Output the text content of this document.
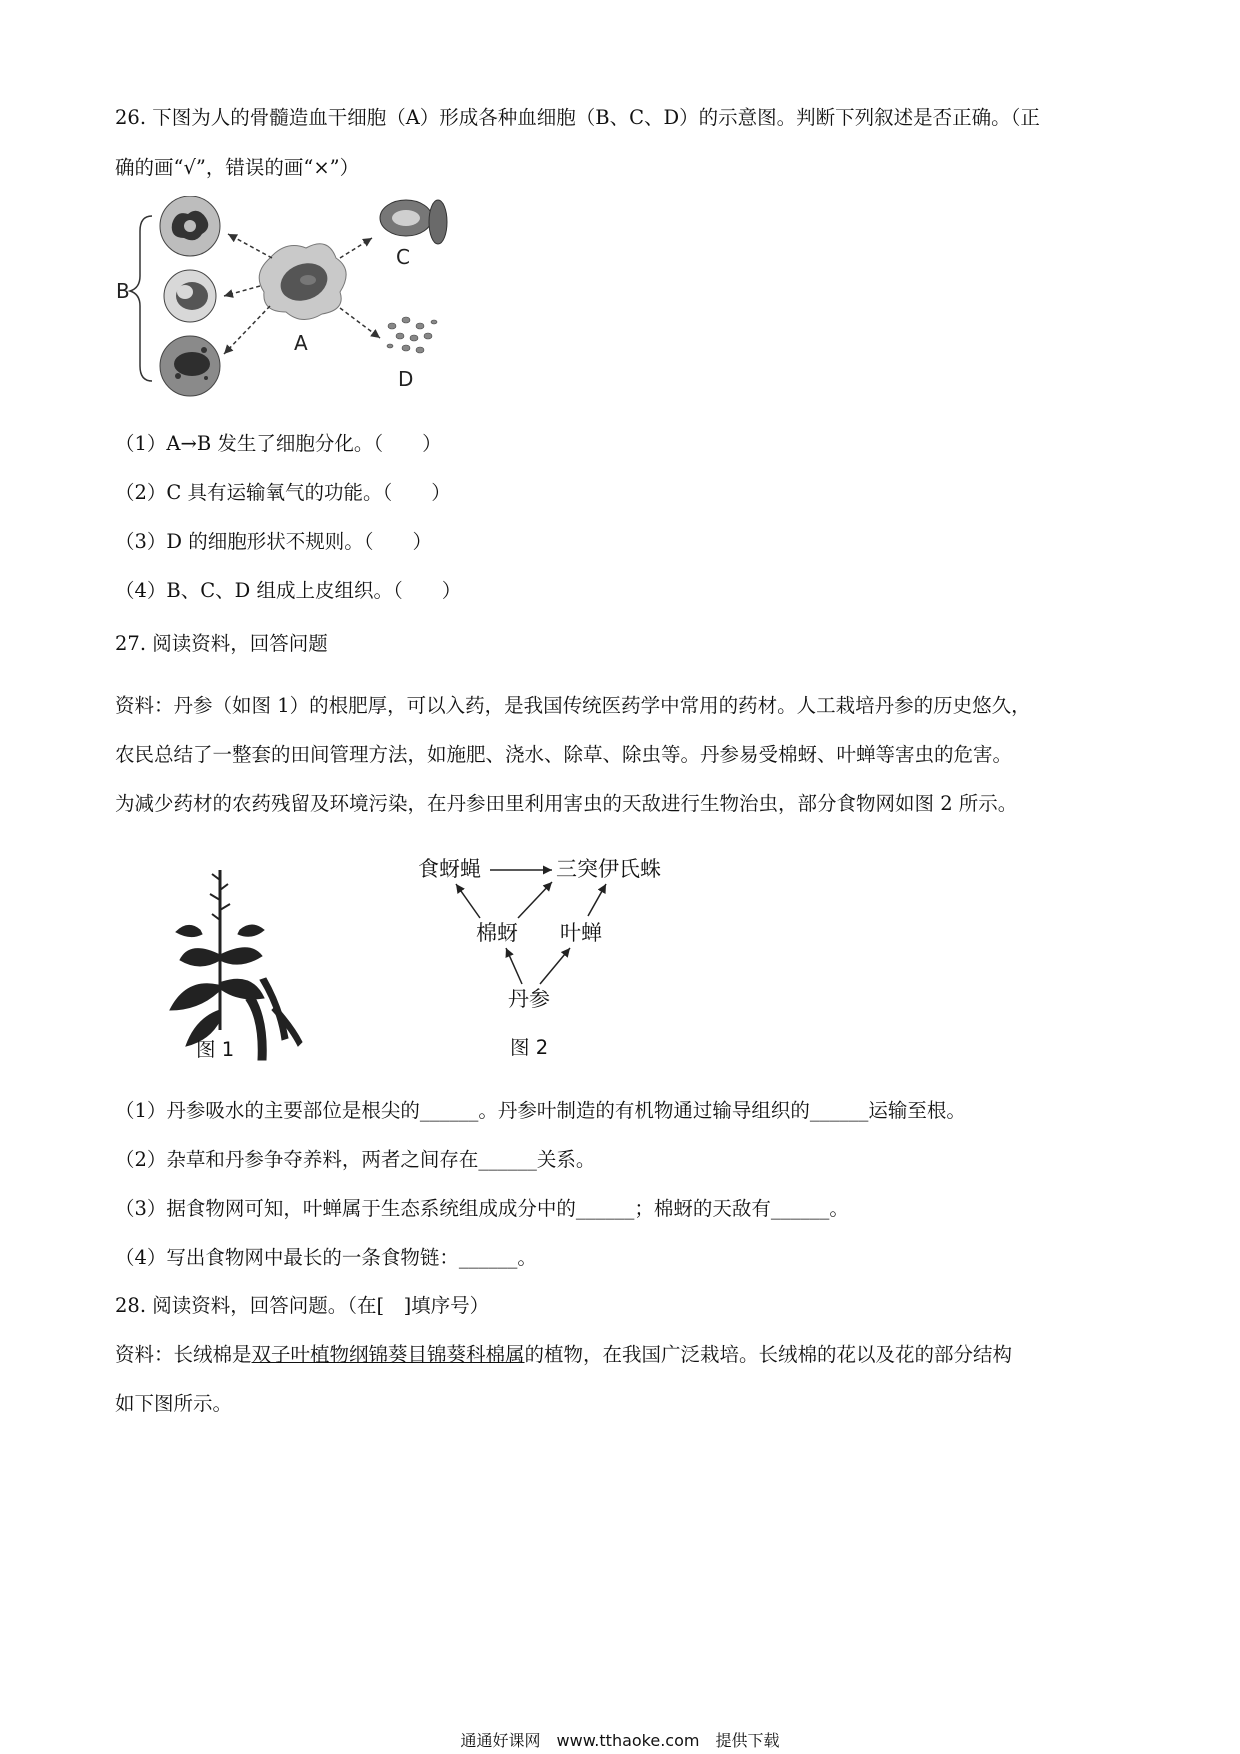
26. 下图为人的骨髓造血干细胞（A）形成各种血细胞（B、C、D）的示意图。判断下列叙述是否正确。（正
确的画“√”，错误的画“×”）
B
A
C
D
（1）A→B 发生了细胞分化。（　　）
（2）C 具有运输氧气的功能。（　　）
（3）D 的细胞形状不规则。（　　）
（4）B、C、D 组成上皮组织。（　　）
27. 阅读资料，回答问题
资料：丹参（如图 1）的根肥厚，可以入药，是我国传统医药学中常用的药材。人工栽培丹参的历史悠久，
农民总结了一整套的田间管理方法，如施肥、浇水、除草、除虫等。丹参易受棉蚜、叶蝉等害虫的危害。
为减少药材的农药残留及环境污染，在丹参田里利用害虫的天敌进行生物治虫，部分食物网如图 2 所示。
图 1
食蚜蝇	三突伊氏蛛
棉蚜 叶蝉
丹参
图 2
（1）丹参吸水的主要部位是根尖的______。丹参叶制造的有机物通过输导组织的______运输至根。
（2）杂草和丹参争夺养料，两者之间存在______关系。
（3）据食物网可知，叶蝉属于生态系统组成成分中的______；棉蚜的天敌有______。
（4）写出食物网中最长的一条食物链：______。
28. 阅读资料，回答问题。（在[　]填序号）
资料：长绒棉是双子叶植物纲锦葵目锦葵科棉属的植物，在我国广泛栽培。长绒棉的花以及花的部分结构
如下图所示。
通通好课网　www.tthaoke.com　提供下载
